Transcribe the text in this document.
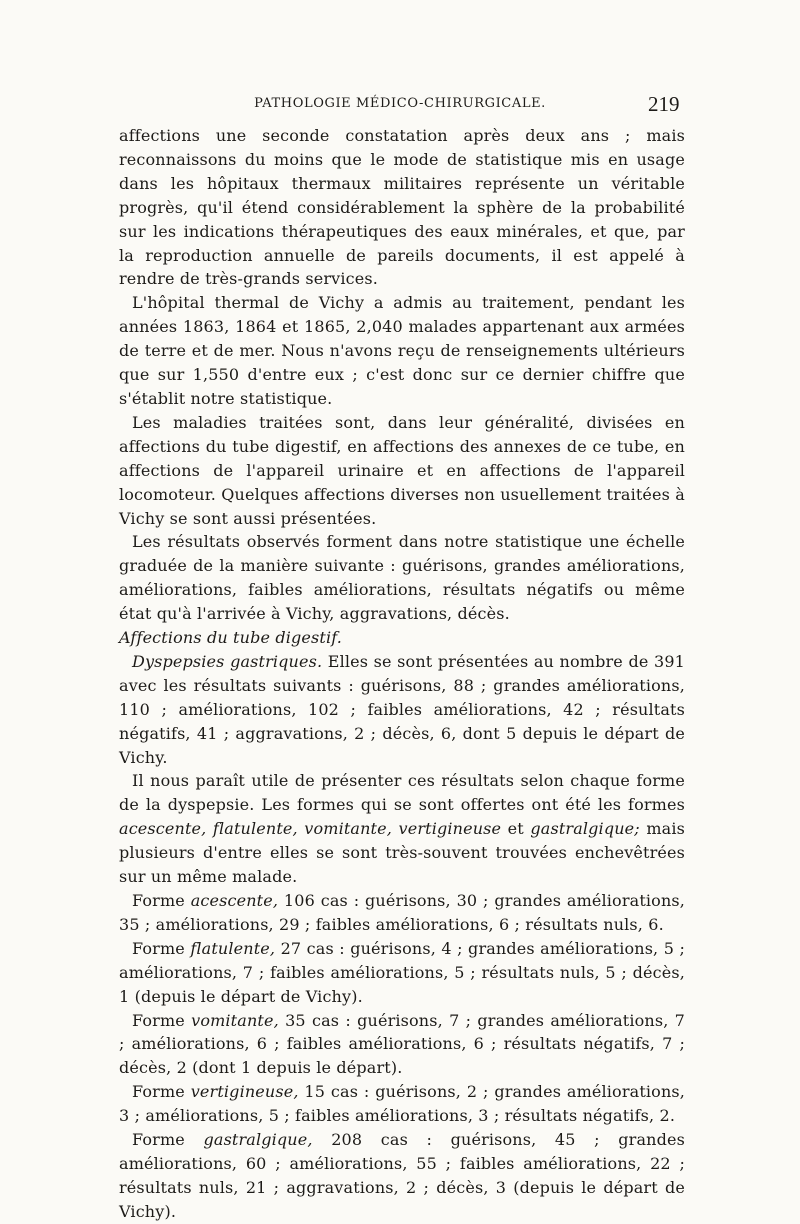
PATHOLOGIE MÉDICO-CHIRURGICALE.	219

affections une seconde constatation après deux ans ; mais reconnaissons du moins que le mode de statistique mis en usage dans les hôpitaux thermaux militaires représente un véritable progrès, qu'il étend considérablement la sphère de la probabilité sur les indications thérapeutiques des eaux minérales, et que, par la reproduction annuelle de pareils documents, il est appelé à rendre de très-grands services.

L'hôpital thermal de Vichy a admis au traitement, pendant les années 1863, 1864 et 1865, 2,040 malades appartenant aux armées de terre et de mer. Nous n'avons reçu de renseignements ultérieurs que sur 1,550 d'entre eux ; c'est donc sur ce dernier chiffre que s'établit notre statistique.

Les maladies traitées sont, dans leur généralité, divisées en affections du tube digestif, en affections des annexes de ce tube, en affections de l'appareil urinaire et en affections de l'appareil locomoteur. Quelques affections diverses non usuellement traitées à Vichy se sont aussi présentées.

Les résultats observés forment dans notre statistique une échelle graduée de la manière suivante : guérisons, grandes améliorations, améliorations, faibles améliorations, résultats négatifs ou même état qu'à l'arrivée à Vichy, aggravations, décès.

Affections du tube digestif.

Dyspepsies gastriques. Elles se sont présentées au nombre de 391 avec les résultats suivants : guérisons, 88 ; grandes améliorations, 110 ; améliorations, 102 ; faibles améliorations, 42 ; résultats négatifs, 41 ; aggravations, 2 ; décès, 6, dont 5 depuis le départ de Vichy.

Il nous paraît utile de présenter ces résultats selon chaque forme de la dyspepsie. Les formes qui se sont offertes ont été les formes acescente, flatulente, vomitante, vertigineuse et gastralgique; mais plusieurs d'entre elles se sont très-souvent trouvées enchevêtrées sur un même malade.

Forme acescente, 106 cas : guérisons, 30 ; grandes améliorations, 35 ; améliorations, 29 ; faibles améliorations, 6 ; résultats nuls, 6.

Forme flatulente, 27 cas : guérisons, 4 ; grandes améliorations, 5 ; améliorations, 7 ; faibles améliorations, 5 ; résultats nuls, 5 ; décès, 1 (depuis le départ de Vichy).

Forme vomitante, 35 cas : guérisons, 7 ; grandes améliorations, 7 ; améliorations, 6 ; faibles améliorations, 6 ; résultats négatifs, 7 ; décès, 2 (dont 1 depuis le départ).

Forme vertigineuse, 15 cas : guérisons, 2 ; grandes améliorations, 3 ; améliorations, 5 ; faibles améliorations, 3 ; résultats négatifs, 2.

Forme gastralgique, 208 cas : guérisons, 45 ; grandes améliorations, 60 ; améliorations, 55 ; faibles améliorations, 22 ; résultats nuls, 21 ; aggravations, 2 ; décès, 3 (depuis le départ de Vichy).
